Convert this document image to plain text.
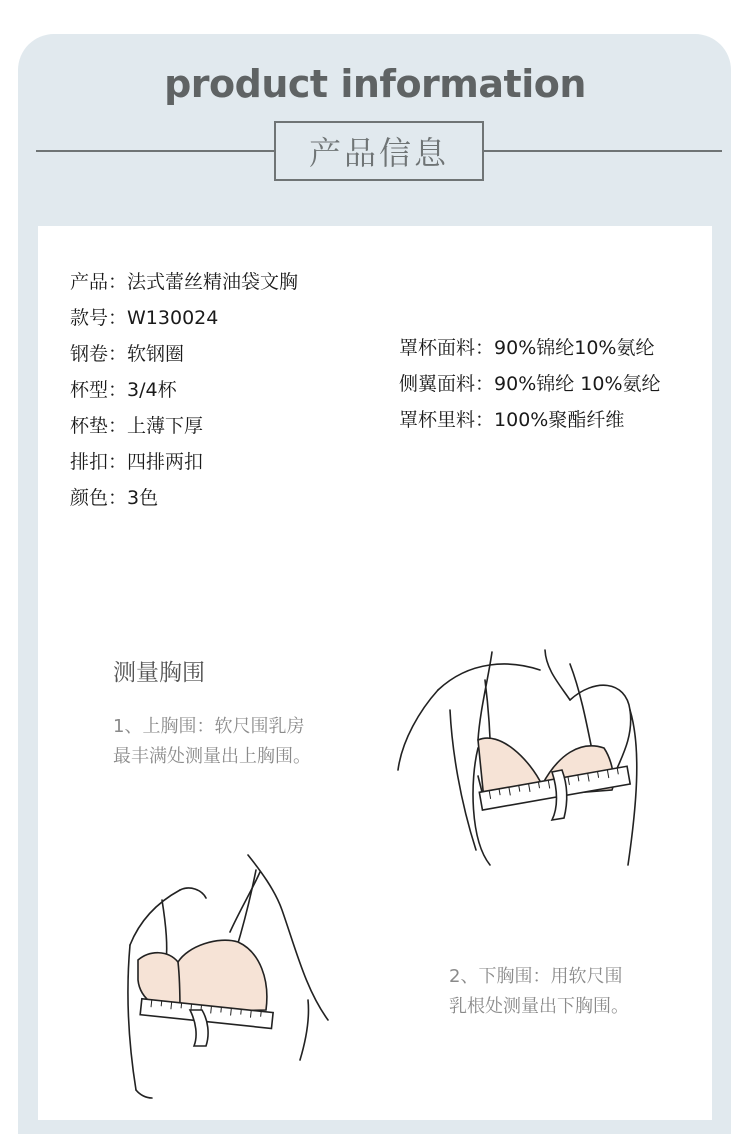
product information
产品信息
产品：法式蕾丝精油袋文胸
款号：W130024
钢卷：软钢圈
杯型：3/4杯
杯垫：上薄下厚
排扣：四排两扣
颜色：3色
罩杯面料：90%锦纶10%氨纶
侧翼面料：90%锦纶 10%氨纶
罩杯里料：100%聚酯纤维
测量胸围
1、上胸围：软尺围乳房
最丰满处测量出上胸围。
2、下胸围：用软尺围
乳根处测量出下胸围。
